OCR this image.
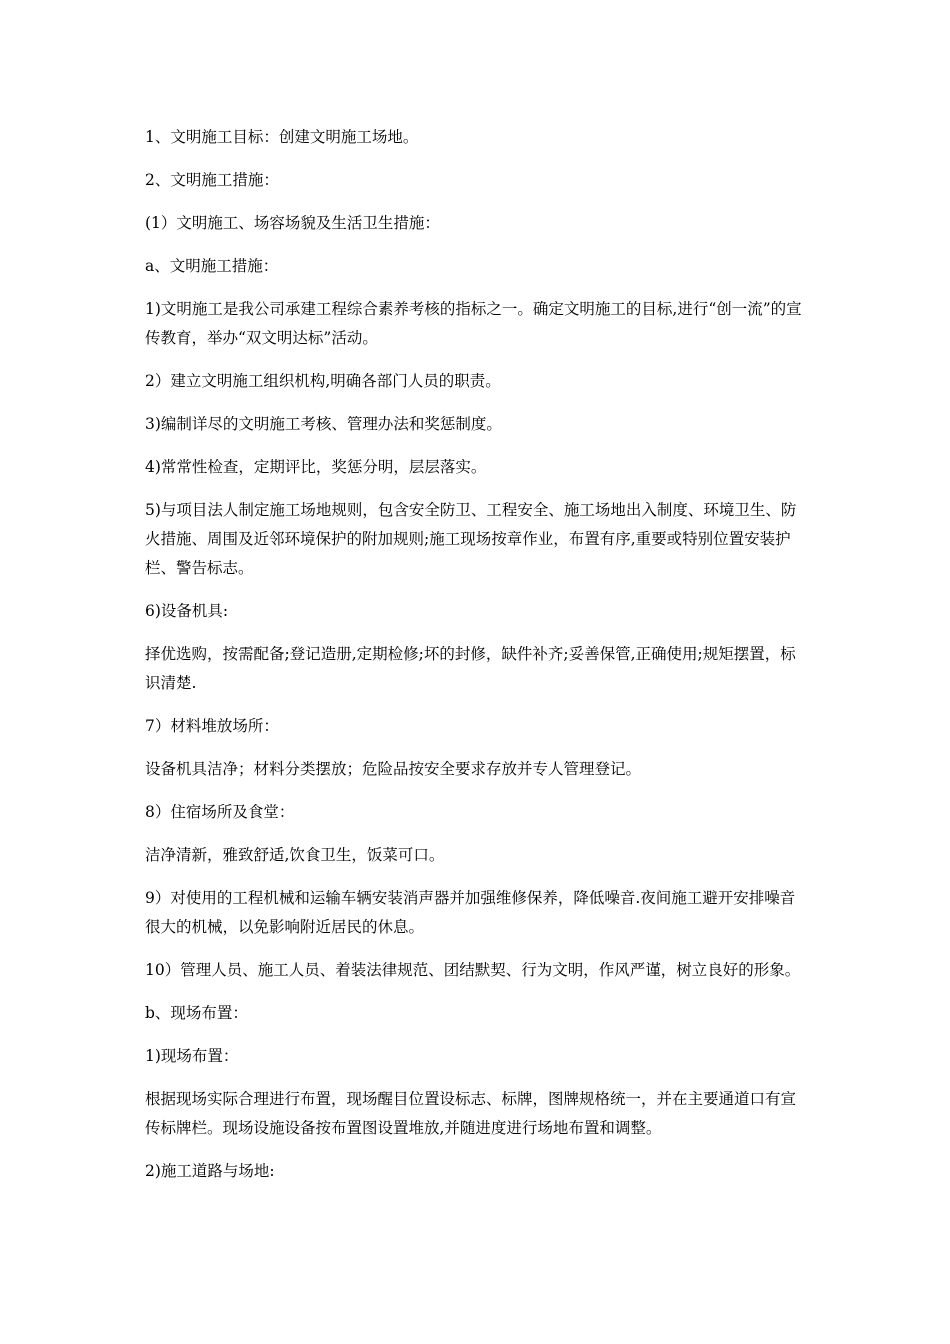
1、文明施工目标：创建文明施工场地。

2、文明施工措施：

(1）文明施工、场容场貌及生活卫生措施：

a、文明施工措施：

1)文明施工是我公司承建工程综合素养考核的指标之一。确定文明施工的目标,进行“创一流”的宣传教育，举办“双文明达标”活动。

2）建立文明施工组织机构,明确各部门人员的职责。

3)编制详尽的文明施工考核、管理办法和奖惩制度。

4)常常性检查，定期评比，奖惩分明，层层落实。

5)与项目法人制定施工场地规则，包含安全防卫、工程安全、施工场地出入制度、环境卫生、防火措施、周围及近邻环境保护的附加规则;施工现场按章作业，布置有序,重要或特别位置安装护栏、警告标志。

6)设备机具:

择优选购，按需配备;登记造册,定期检修;坏的封修，缺件补齐;妥善保管,正确使用;规矩摆置，标识清楚.

7）材料堆放场所：

设备机具洁净；材料分类摆放；危险品按安全要求存放并专人管理登记。

8）住宿场所及食堂：

洁净清新，雅致舒适,饮食卫生，饭菜可口。

9）对使用的工程机械和运输车辆安装消声器并加强维修保养，降低噪音.夜间施工避开安排噪音很大的机械，以免影响附近居民的休息。

10）管理人员、施工人员、着装法律规范、团结默契、行为文明，作风严谨，树立良好的形象。

b、现场布置：

1)现场布置：

根据现场实际合理进行布置，现场醒目位置设标志、标牌，图牌规格统一，并在主要通道口有宣传标牌栏。现场设施设备按布置图设置堆放,并随进度进行场地布置和调整。

2)施工道路与场地:
